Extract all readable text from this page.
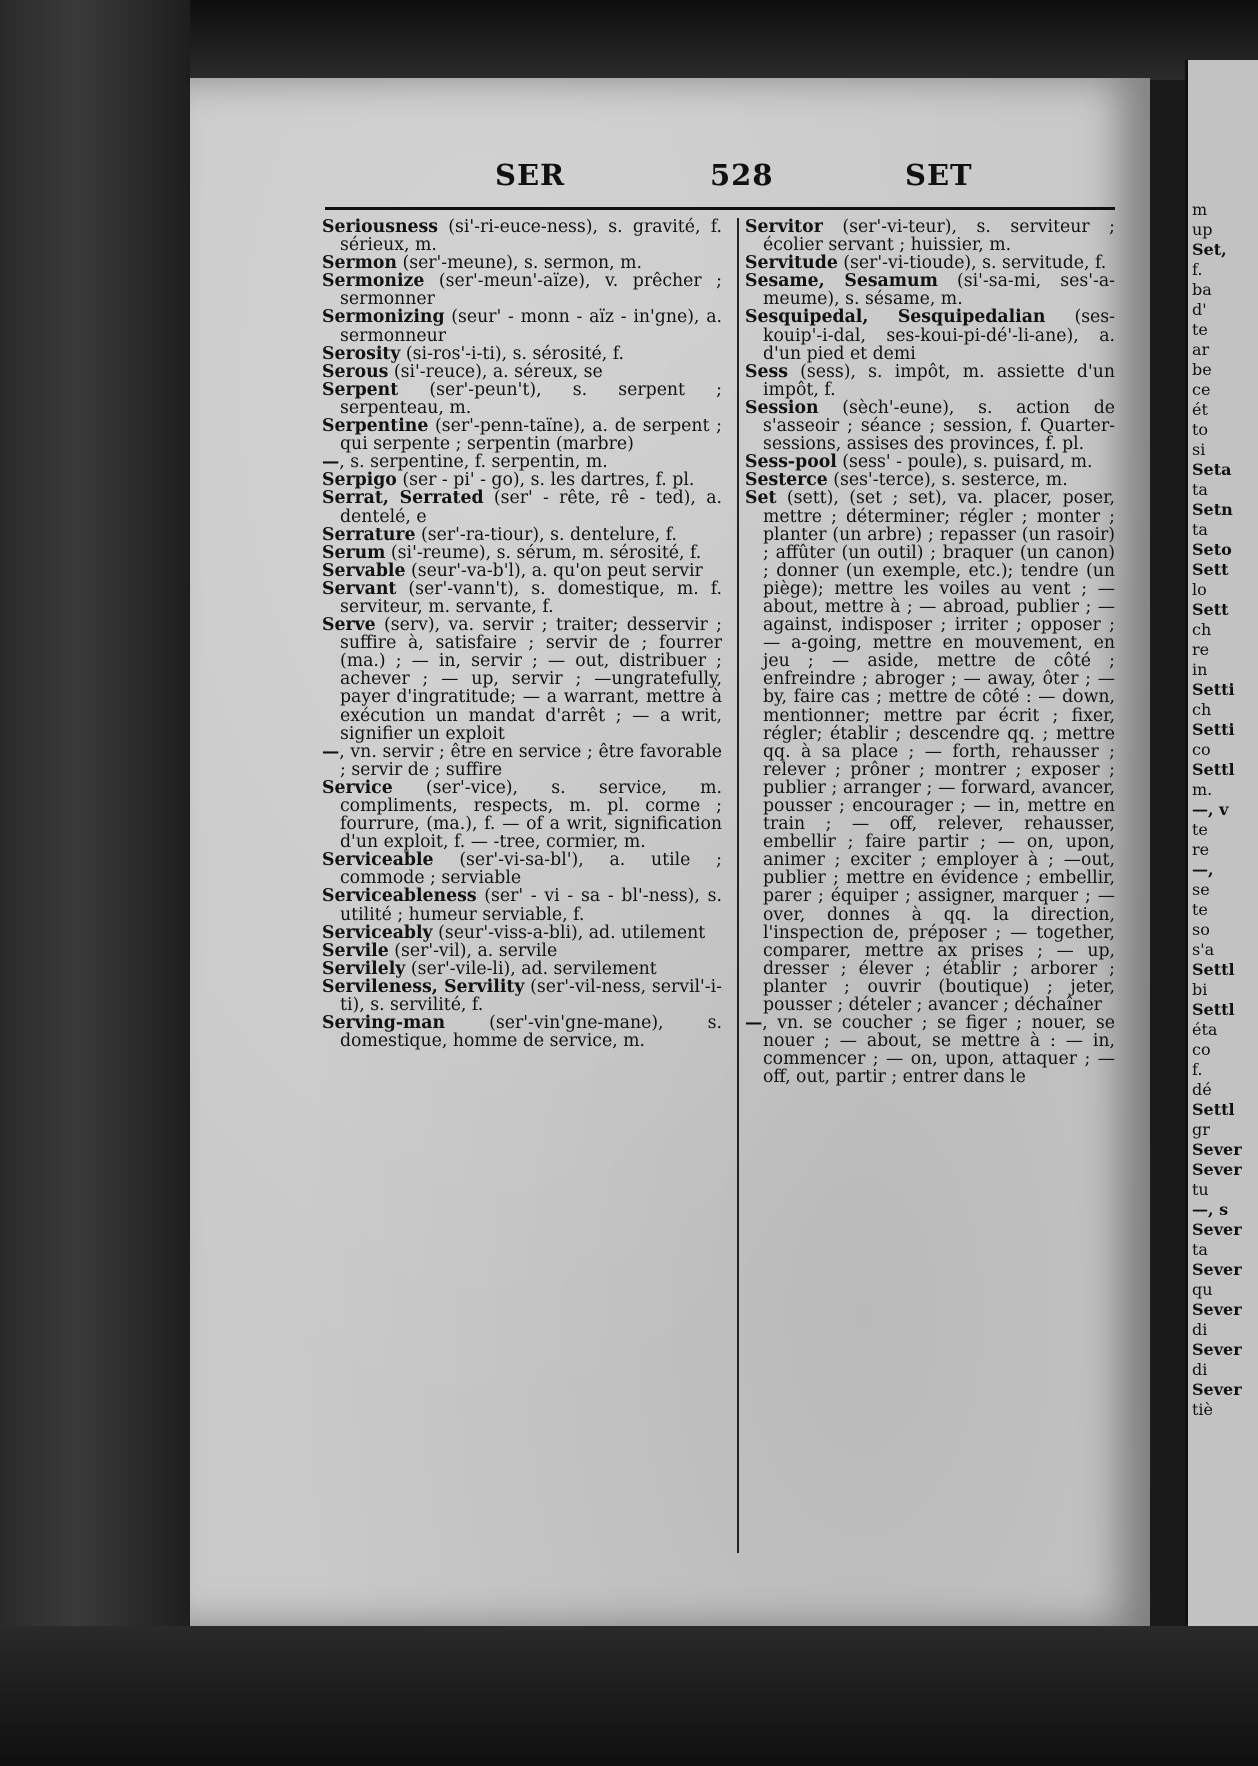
SER	528	SET

Seriousness (si'-ri-euce-ness), s. gravité, f. sérieux, m.

Sermon (ser'-meune), s. sermon, m.

Sermonize (ser'-meun'-aïze), v. prêcher ; sermonner

Sermonizing (seur' - monn - aïz - in'gne), a. sermonneur

Serosity (si-ros'-i-ti), s. sérosité, f.

Serous (si'-reuce), a. séreux, se

Serpent (ser'-peun't), s. serpent ; serpenteau, m.

Serpentine (ser'-penn-taïne), a. de serpent ; qui serpente ; serpentin (marbre)

—, s. serpentine, f. serpentin, m.

Serpigo (ser - pi' - go), s. les dartres, f. pl.

Serrat, Serrated (ser' - rête, rê - ted), a. dentelé, e

Serrature (ser'-ra-tiour), s. dentelure, f.

Serum (si'-reume), s. sérum, m. sérosité, f.

Servable (seur'-va-b'l), a. qu'on peut servir

Servant (ser'-vann't), s. domestique, m. f. serviteur, m. servante, f.

Serve (serv), va. servir ; traiter; desservir ; suffire à, satisfaire ; servir de ; fourrer (ma.) ; — in, servir ; — out, distribuer ; achever ; — up, servir ; —ungratefully, payer d'ingratitude; — a warrant, mettre à exécution un mandat d'arrêt ; — a writ, signifier un exploit

—, vn. servir ; être en service ; être favorable ; servir de ; suffire

Service (ser'-vice), s. service, m. compliments, respects, m. pl. corme ; fourrure, (ma.), f. — of a writ, signification d'un exploit, f. — -tree, cormier, m.

Serviceable (ser'-vi-sa-bl'), a. utile ; commode ; serviable

Serviceableness (ser' - vi - sa - bl'-ness), s. utilité ; humeur serviable, f.

Serviceably (seur'-viss-a-bli), ad. utilement

Servile (ser'-vil), a. servile

Servilely (ser'-vile-li), ad. servilement

Servileness, Servility (ser'-vil-ness, servil'-i-ti), s. servilité, f.

Serving-man (ser'-vin'gne-mane), s. domestique, homme de service, m.

Servitor (ser'-vi-teur), s. serviteur ; écolier servant ; huissier, m.

Servitude (ser'-vi-tioude), s. servitude, f.

Sesame, Sesamum (si'-sa-mi, ses'-a-meume), s. sésame, m.

Sesquipedal, Sesquipedalian (ses-kouip'-i-dal, ses-koui-pi-dé'-li-ane), a. d'un pied et demi

Sess (sess), s. impôt, m. assiette d'un impôt, f.

Session (sèch'-eune), s. action de s'asseoir ; séance ; session, f. Quarter-sessions, assises des provinces, f. pl.

Sess-pool (sess' - poule), s. puisard, m.

Sesterce (ses'-terce), s. sesterce, m.

Set (sett), (set ; set), va. placer, poser, mettre ; déterminer; régler ; monter ; planter (un arbre) ; repasser (un rasoir) ; affûter (un outil) ; braquer (un canon) ; donner (un exemple, etc.); tendre (un piège); mettre les voiles au vent ; — about, mettre à ; — abroad, publier ; — against, indisposer ; irriter ; opposer ; — a-going, mettre en mouvement, en jeu ; — aside, mettre de côté ; enfreindre ; abroger ; — away, ôter ; — by, faire cas ; mettre de côté : — down, mentionner; mettre par écrit ; fixer, régler; établir ; descendre qq. ; mettre qq. à sa place ; — forth, rehausser ; relever ; prôner ; montrer ; exposer ; publier ; arranger ; — forward, avancer, pousser ; encourager ; — in, mettre en train ; — off, relever, rehausser, embellir ; faire partir ; — on, upon, animer ; exciter ; employer à ; —out, publier ; mettre en évidence ; embellir, parer ; équiper ; assigner, marquer ; — over, donnes à qq. la direction, l'inspection de, préposer ; — together, comparer, mettre ax prises ; — up, dresser ; élever ; établir ; arborer ; planter ; ouvrir (boutique) ; jeter, pousser ; dételer ; avancer ; déchaîner

—, vn. se coucher ; se figer ; nouer, se nouer ; — about, se mettre à : — in, commencer ; — on, upon, attaquer ; — off, out, partir ; entrer dans le

m
up
Set,
f.
ba
d'
te
ar
be
ce
ét
to
si
Seta
ta
Setn
ta
Seto
Sett
lo
Sett
ch
re
in
Setti
ch
Setti
co
Settl
m.
—, v
te
re
—,
se
te
so
s'a
Settl
bi
Settl
éta
co
f.
dé
Settl
gr
Sever
Sever
tu
—, s
Sever
ta
Sever
qu
Sever
di
Sever
di
Sever
tiè
